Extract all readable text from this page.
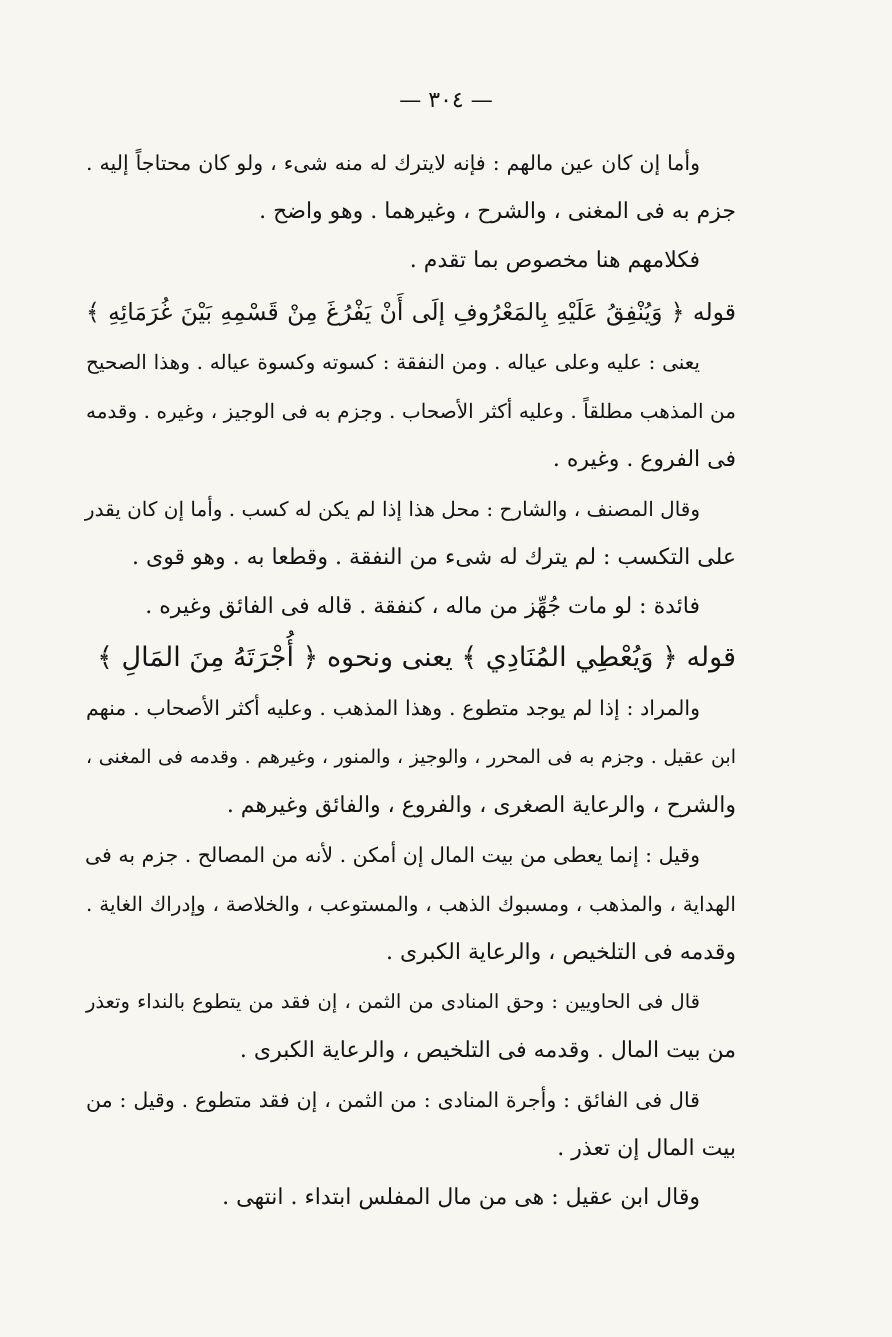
— ٣٠٤ —
وأما إن كان عين مالهم : فإنه لايترك له منه شىء ، ولو كان محتاجاً إليه .
جزم به فى المغنى ، والشرح ، وغيرهما . وهو واضح .
فكلامهم هنا مخصوص بما تقدم .
قوله ﴿ وَيُنْفِقُ عَلَيْهِ بِالمَعْرُوفِ إلَى أَنْ يَفْرُغَ مِنْ قَسْمِهِ بَيْنَ غُرَمَائِهِ ﴾
يعنى : عليه وعلى عياله . ومن النفقة : كسوته وكسوة عياله . وهذا الصحيح
من المذهب مطلقاً . وعليه أكثر الأصحاب . وجزم به فى الوجيز ، وغيره . وقدمه
فى الفروع . وغيره .
وقال المصنف ، والشارح : محل هذا إذا لم يكن له كسب . وأما إن كان يقدر
على التكسب : لم يترك له شىء من النفقة . وقطعا به . وهو قوى .
فائدة : لو مات جُهِّز من ماله ، كنفقة . قاله فى الفائق وغيره .
قوله ﴿ وَيُعْطِي المُنَادِي ﴾ يعنى ونحوه ﴿ أُجْرَتَهُ مِنَ المَالِ ﴾
والمراد : إذا لم يوجد متطوع . وهذا المذهب . وعليه أكثر الأصحاب . منهم
ابن عقيل . وجزم به فى المحرر ، والوجيز ، والمنور ، وغيرهم . وقدمه فى المغنى ،
والشرح ، والرعاية الصغرى ، والفروع ، والفائق وغيرهم .
وقيل : إنما يعطى من بيت المال إن أمكن . لأنه من المصالح . جزم به فى
الهداية ، والمذهب ، ومسبوك الذهب ، والمستوعب ، والخلاصة ، وإدراك الغاية .
وقدمه فى التلخيص ، والرعاية الكبرى .
قال فى الحاويين : وحق المنادى من الثمن ، إن فقد من يتطوع بالنداء وتعذر
من بيت المال . وقدمه فى التلخيص ، والرعاية الكبرى .
قال فى الفائق : وأجرة المنادى : من الثمن ، إن فقد متطوع . وقيل : من
بيت المال إن تعذر .
وقال ابن عقيل : هى من مال المفلس ابتداء . انتهى .
